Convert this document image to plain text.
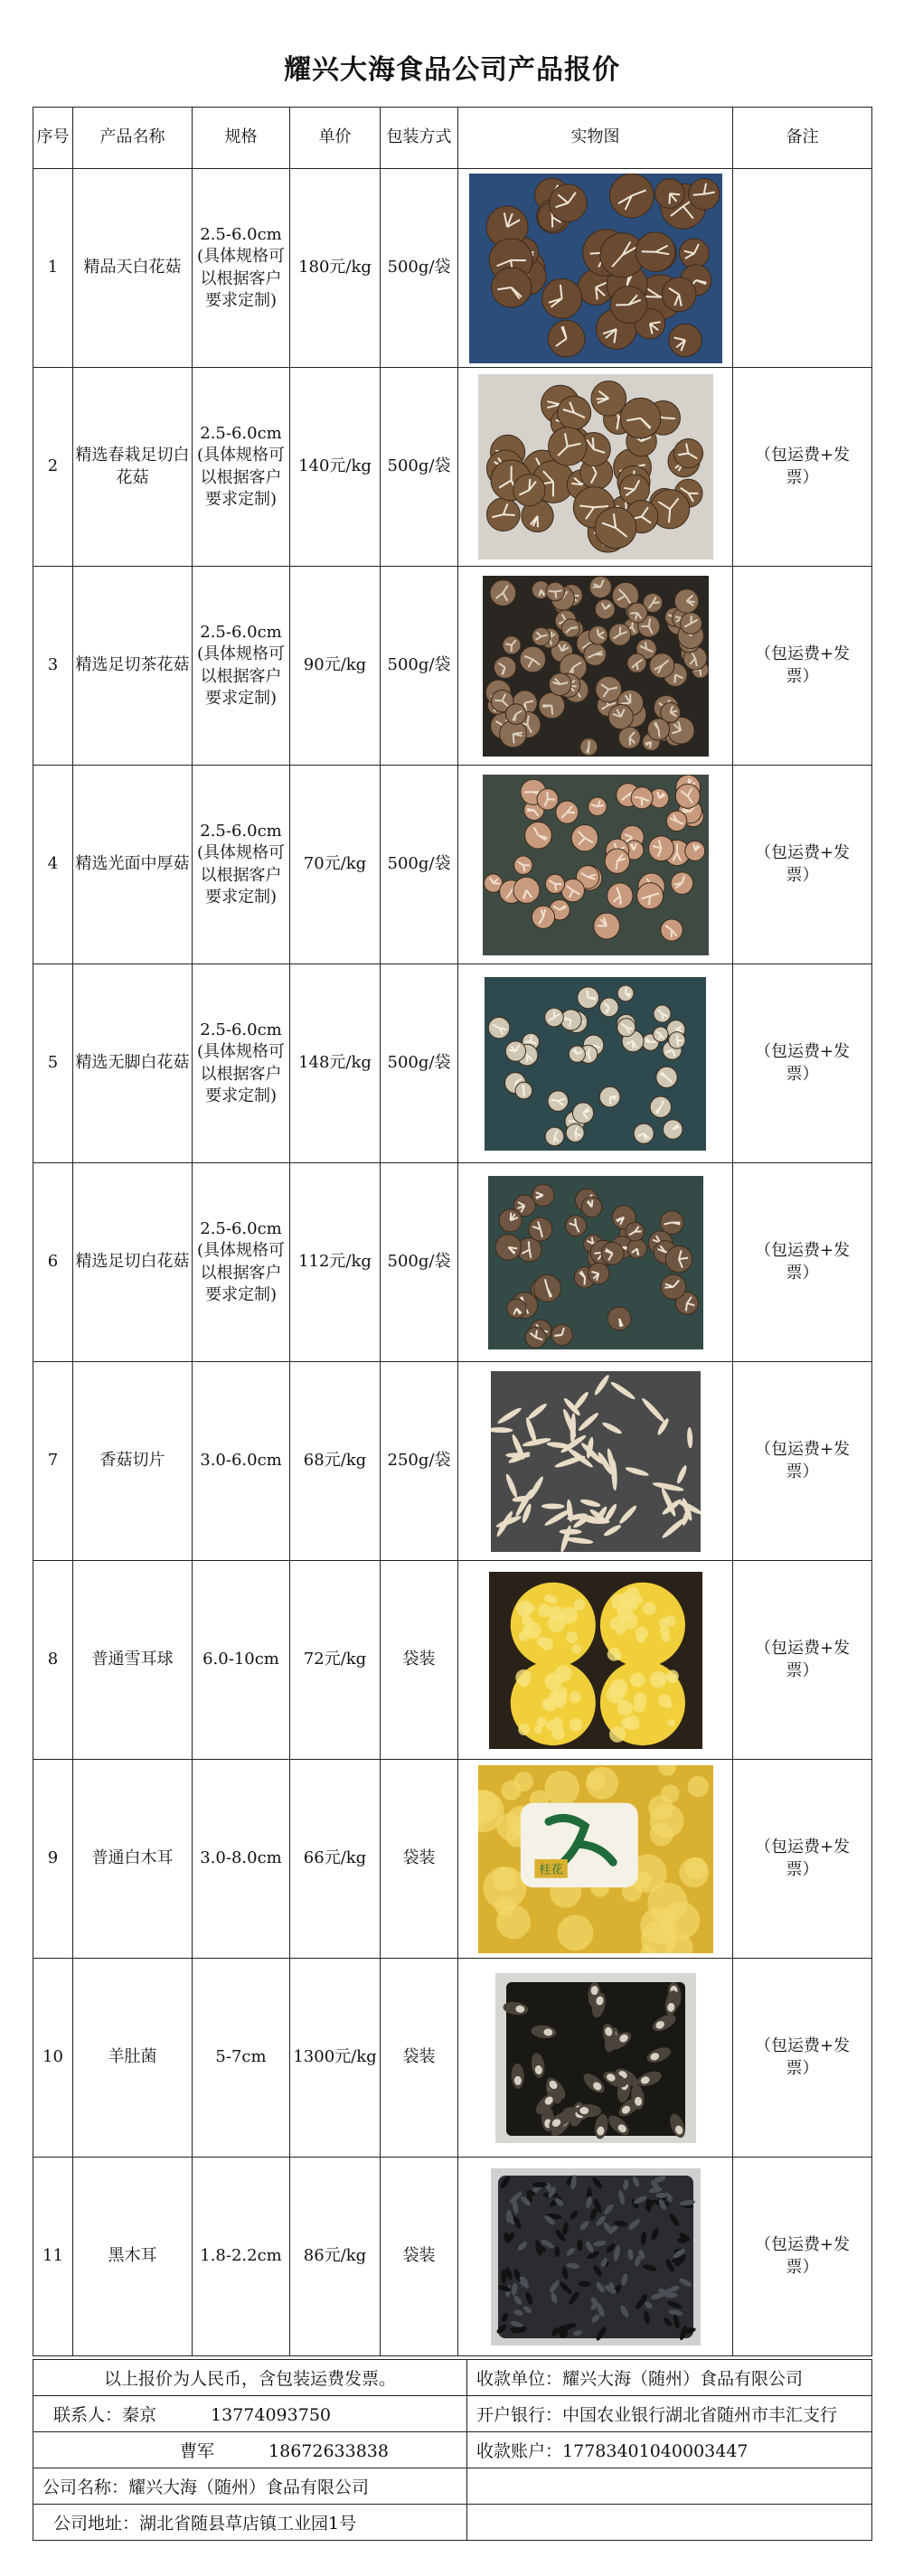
耀兴大海食品公司产品报价
序号	产品名称	规格	单价	包装方式	实物图	备注
1	精品天白花菇	2.5-6.0cm(具体规格可以根据客户要求定制)	180元/kg	500g/袋	

2	精选春栽足切白花菇	2.5-6.0cm(具体规格可以根据客户要求定制)	140元/kg	500g/袋		（包运费+发票）
3	精选足切茶花菇	2.5-6.0cm(具体规格可以根据客户要求定制)	90元/kg	500g/袋		（包运费+发票）
4	精选光面中厚菇	2.5-6.0cm(具体规格可以根据客户要求定制)	70元/kg	500g/袋		（包运费+发票）
5	精选无脚白花菇	2.5-6.0cm(具体规格可以根据客户要求定制)	148元/kg	500g/袋		（包运费+发票）
6	精选足切白花菇	2.5-6.0cm(具体规格可以根据客户要求定制)	112元/kg	500g/袋		（包运费+发票）
7	香菇切片	3.0-6.0cm	68元/kg	250g/袋		（包运费+发票）
8	普通雪耳球	6.0-10cm	72元/kg	袋装		（包运费+发票）
9	普通白木耳	3.0-8.0cm	66元/kg	袋装	桂花	（包运费+发票）
10	羊肚菌	5-7cm	1300元/kg	袋装		（包运费+发票）
11	黑木耳	1.8-2.2cm	86元/kg	袋装		（包运费+发票）
以上报价为人民币，含包装运费发票。	收款单位：耀兴大海（随州）食品有限公司
联系人：秦京 13774093750	开户银行：中国农业银行湖北省随州市丰汇支行
曹军 18672633838	收款账户：17783401040003447
公司名称：耀兴大海（随州）食品有限公司	
公司地址：湖北省随县草店镇工业园1号	
